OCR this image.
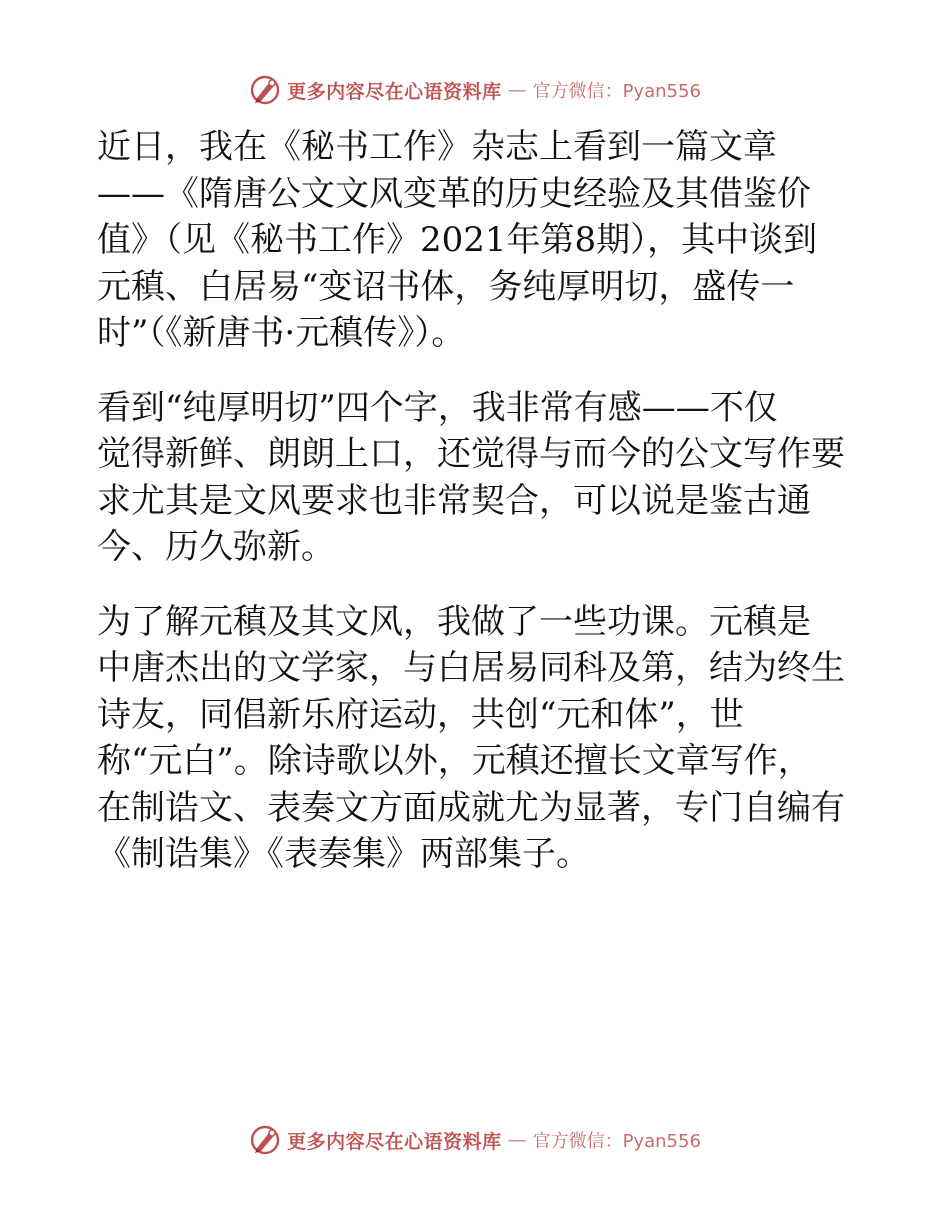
更多内容尽在心语资料库 — 官方微信：Pyan556

近日，我在《秘书工作》杂志上看到一篇文章
——《隋唐公文文风变革的历史经验及其借鉴价
值》（见《秘书工作》2021年第8期），其中谈到
元稹、白居易“变诏书体，务纯厚明切，盛传一
时”（《新唐书·元稹传》）。

看到“纯厚明切”四个字，我非常有感——不仅
觉得新鲜、朗朗上口，还觉得与而今的公文写作要
求尤其是文风要求也非常契合，可以说是鉴古通
今、历久弥新。

为了解元稹及其文风，我做了一些功课。元稹是
中唐杰出的文学家，与白居易同科及第，结为终生
诗友，同倡新乐府运动，共创“元和体”，世
称“元白”。除诗歌以外，元稹还擅长文章写作，
在制诰文、表奏文方面成就尤为显著，专门自编有
《制诰集》《表奏集》两部集子。

更多内容尽在心语资料库 — 官方微信：Pyan556
